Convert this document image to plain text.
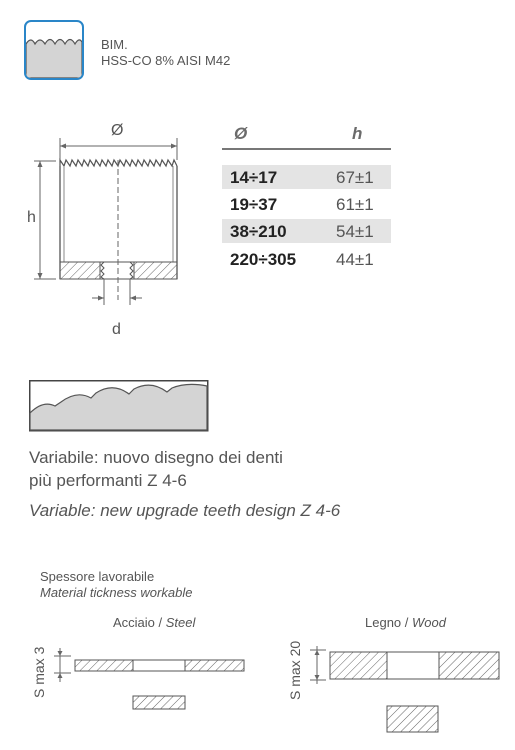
BIM.
HSS-CO 8% AISI M42
Ø
h
d
Ø	h
14÷17	67±1
19÷37	61±1
38÷210	54±1
220÷305 44±1
Variabile: nuovo disegno dei denti
più performanti Z 4-6
Variable: new upgrade teeth design Z 4-6
Spessore lavorabile
Material tickness workable
Acciaio / Steel	Legno / Wood
S max 3	S max 20
